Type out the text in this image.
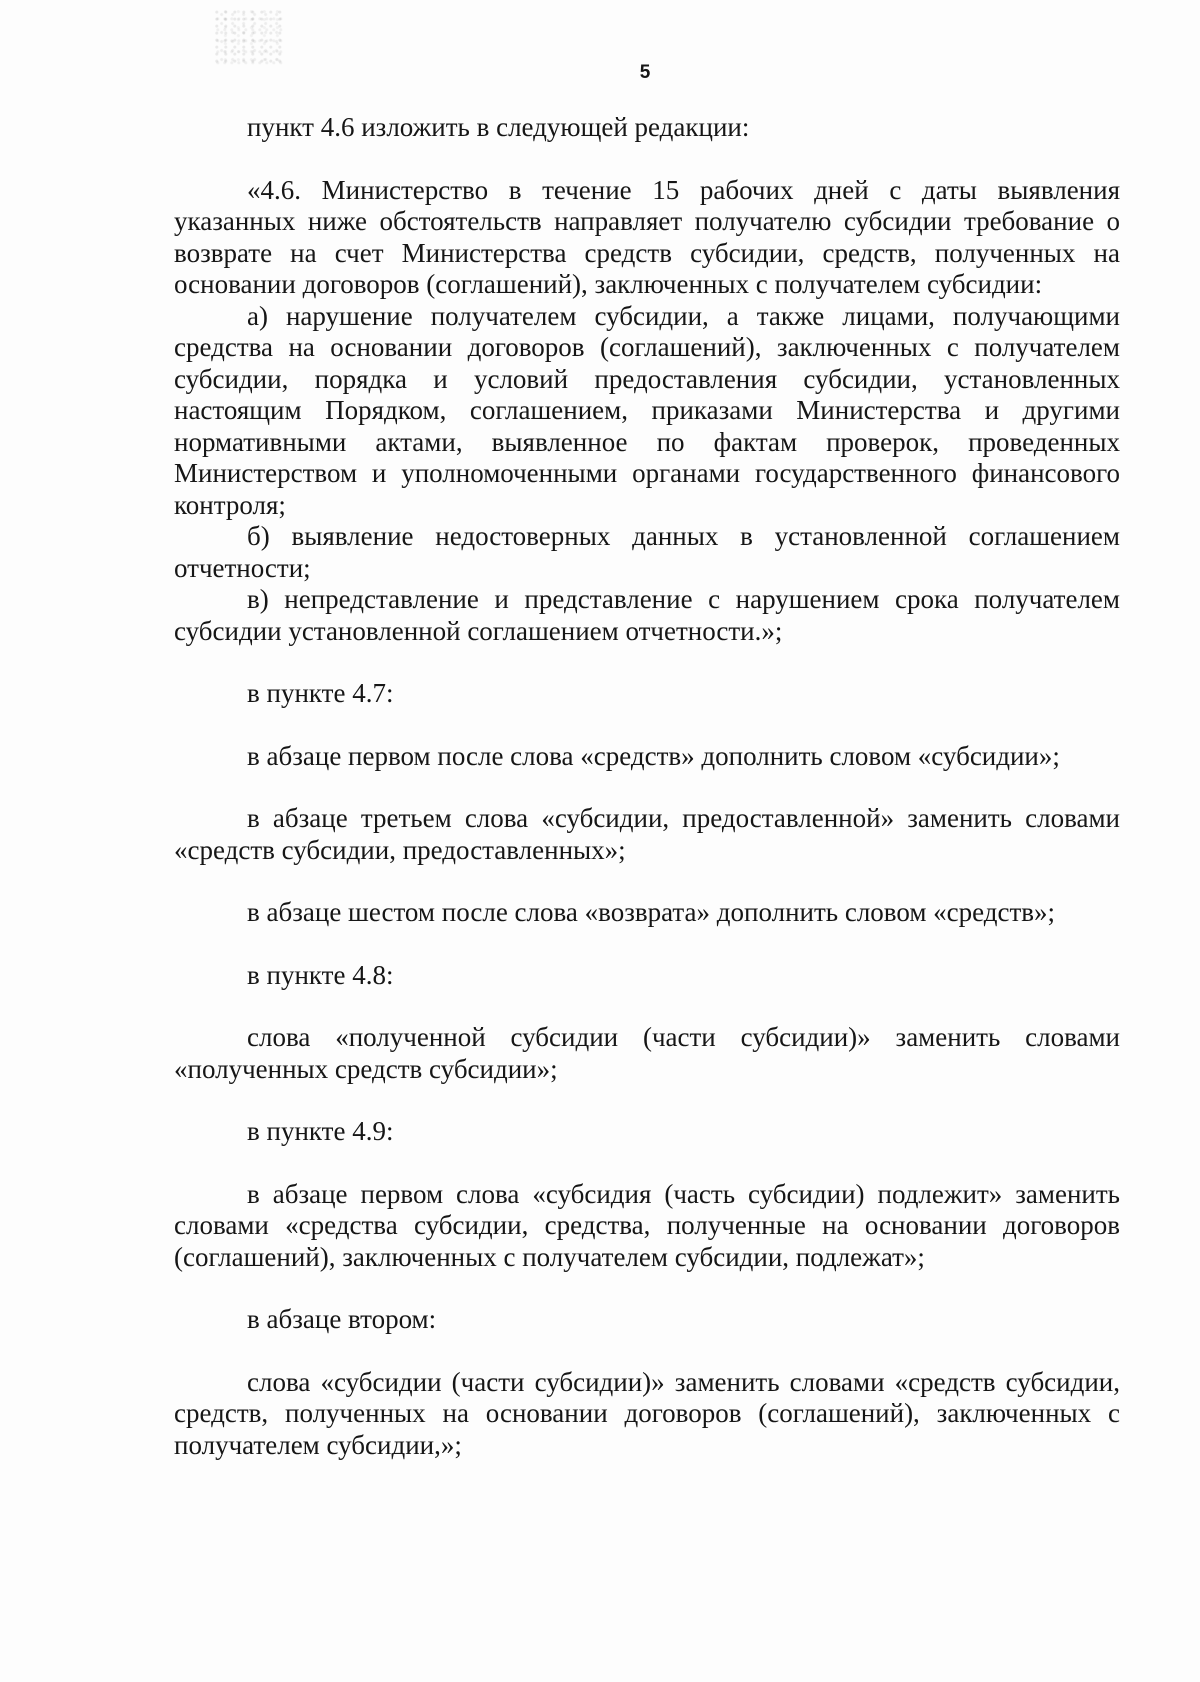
5

пункт 4.6 изложить в следующей редакции:

«4.6. Министерство в течение 15 рабочих дней с даты выявления указанных ниже обстоятельств направляет получателю субсидии требование о возврате на счет Министерства средств субсидии, средств, полученных на основании договоров (соглашений), заключенных с получателем субсидии:

а) нарушение получателем субсидии, а также лицами, получающими средства на основании договоров (соглашений), заключенных с получателем субсидии, порядка и условий предоставления субсидии, установленных настоящим Порядком, соглашением, приказами Министерства и другими нормативными актами, выявленное по фактам проверок, проведенных Министерством и уполномоченными органами государственного финансового контроля;

б) выявление недостоверных данных в установленной соглашением отчетности;

в) непредставление и представление с нарушением срока получателем субсидии установленной соглашением отчетности.»;

в пункте 4.7:

в абзаце первом после слова «средств» дополнить словом «субсидии»;

в абзаце третьем слова «субсидии, предоставленной» заменить словами «средств субсидии, предоставленных»;

в абзаце шестом после слова «возврата» дополнить словом «средств»;

в пункте 4.8:

слова «полученной субсидии (части субсидии)» заменить словами «полученных средств субсидии»;

в пункте 4.9:

в абзаце первом слова «субсидия (часть субсидии) подлежит» заменить словами «средства субсидии, средства, полученные на основании договоров (соглашений), заключенных с получателем субсидии, подлежат»;

в абзаце втором:

слова «субсидии (части субсидии)» заменить словами «средств субсидии, средств, полученных на основании договоров (соглашений), заключенных с получателем субсидии,»;
